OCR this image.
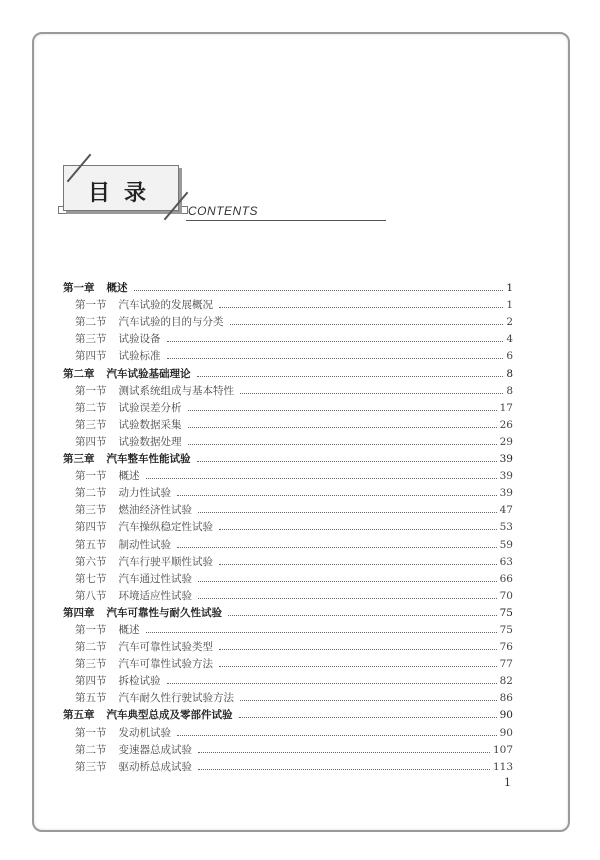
目录
CONTENTS
第一章 概述	1
第一节 汽车试验的发展概况	1
第二节 汽车试验的目的与分类	2
第三节 试验设备	4
第四节 试验标准	6
第二章 汽车试验基础理论	8
第一节 测试系统组成与基本特性	8
第二节 试验误差分析	17
第三节 试验数据采集	26
第四节 试验数据处理	29
第三章 汽车整车性能试验	39
第一节 概述	39
第二节 动力性试验	39
第三节 燃油经济性试验	47
第四节 汽车操纵稳定性试验	53
第五节 制动性试验	59
第六节 汽车行驶平顺性试验	63
第七节 汽车通过性试验	66
第八节 环境适应性试验	70
第四章 汽车可靠性与耐久性试验	75
第一节 概述	75
第二节 汽车可靠性试验类型	76
第三节 汽车可靠性试验方法	77
第四节 拆检试验	82
第五节 汽车耐久性行驶试验方法	86
第五章 汽车典型总成及零部件试验	90
第一节 发动机试验	90
第二节 变速器总成试验	107
第三节 驱动桥总成试验	113
1
